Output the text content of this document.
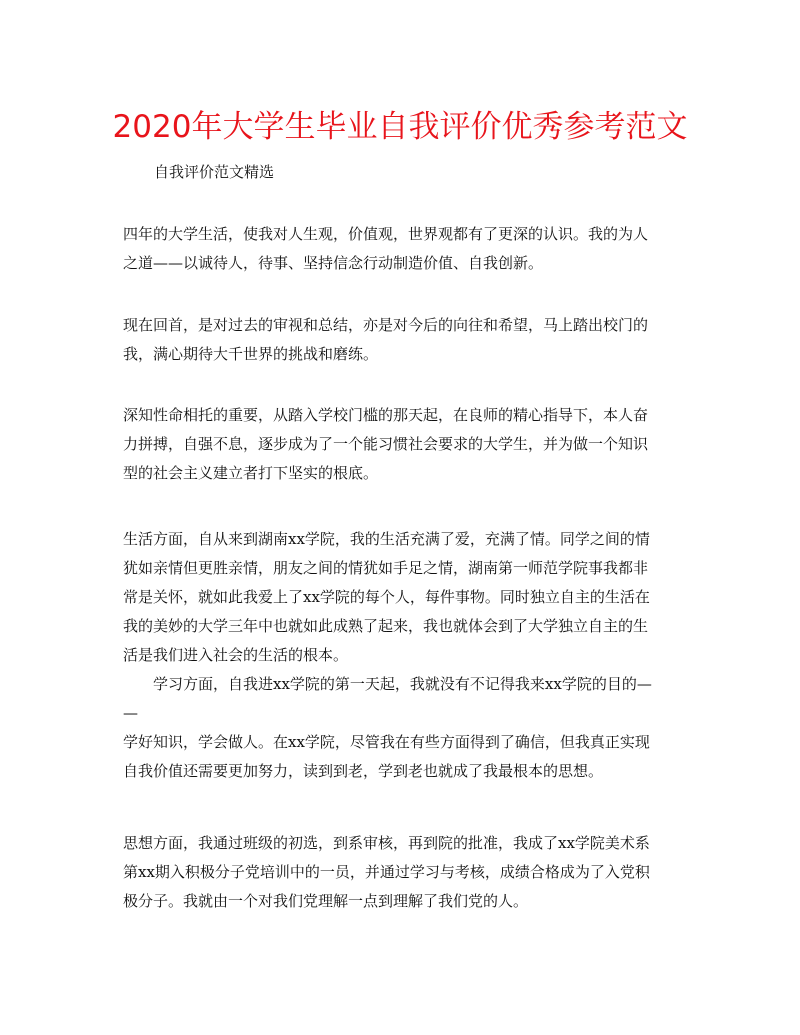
2020年大学生毕业自我评价优秀参考范文
自我评价范文精选
四年的大学生活，使我对人生观，价值观，世界观都有了更深的认识。我的为人
之道——以诚待人，待事、坚持信念行动制造价值、自我创新。
现在回首，是对过去的审视和总结，亦是对今后的向往和希望，马上踏出校门的
我，满心期待大千世界的挑战和磨练。
深知性命相托的重要，从踏入学校门槛的那天起，在良师的精心指导下，本人奋
力拼搏，自强不息，逐步成为了一个能习惯社会要求的大学生，并为做一个知识
型的社会主义建立者打下坚实的根底。
生活方面，自从来到湖南xx学院，我的生活充满了爱，充满了情。同学之间的情
犹如亲情但更胜亲情，朋友之间的情犹如手足之情，湖南第一师范学院事我都非
常是关怀，就如此我爱上了xx学院的每个人，每件事物。同时独立自主的生活在
我的美妙的大学三年中也就如此成熟了起来，我也就体会到了大学独立自主的生
活是我们进入社会的生活的根本。
　　学习方面，自我进xx学院的第一天起，我就没有不记得我来xx学院的目的—
—
学好知识，学会做人。在xx学院，尽管我在有些方面得到了确信，但我真正实现
自我价值还需要更加努力，读到到老，学到老也就成了我最根本的思想。
思想方面，我通过班级的初选，到系审核，再到院的批准，我成了xx学院美术系
第xx期入积极分子党培训中的一员，并通过学习与考核，成绩合格成为了入党积
极分子。我就由一个对我们党理解一点到理解了我们党的人。
